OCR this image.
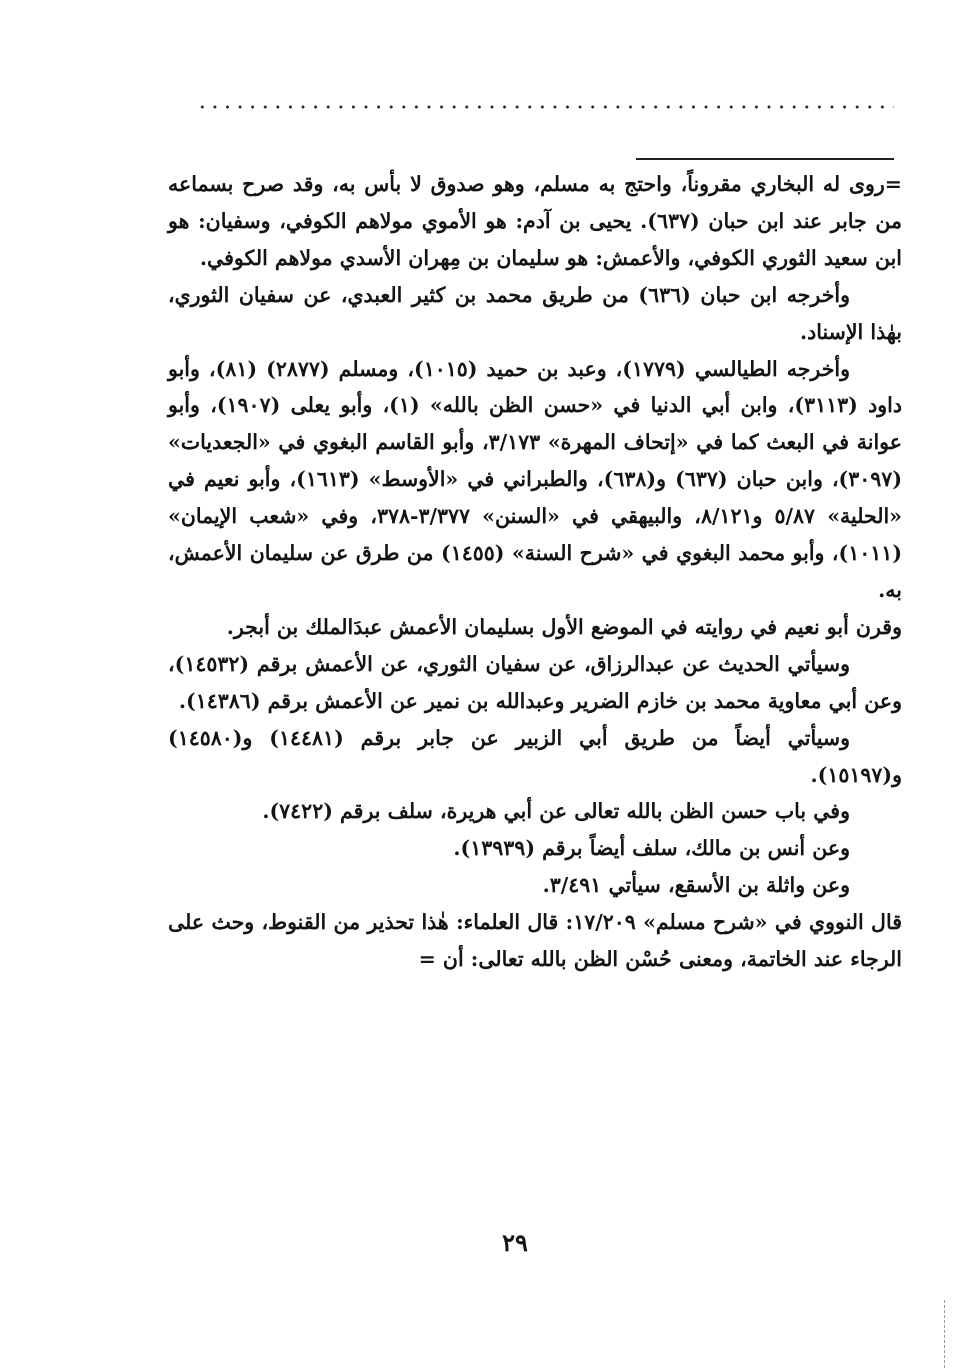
=روى له البخاري مقروناً، واحتج به مسلم، وهو صدوق لا بأس به، وقد صرح بسماعه من جابر عند ابن حبان (٦٣٧). يحيى بن آدم: هو الأموي مولاهم الكوفي، وسفيان: هو ابن سعيد الثوري الكوفي، والأعمش: هو سليمان بن مِهران الأسدي مولاهم الكوفي.

وأخرجه ابن حبان (٦٣٦) من طريق محمد بن كثير العبدي، عن سفيان الثوري، بهٰذا الإسناد.

وأخرجه الطيالسي (١٧٧٩)، وعبد بن حميد (١٠١٥)، ومسلم (٢٨٧٧) (٨١)، وأبو داود (٣١١٣)، وابن أبي الدنيا في «حسن الظن بالله» (١)، وأبو يعلى (١٩٠٧)، وأبو عوانة في البعث كما في «إتحاف المهرة» ٣/١٧٣، وأبو القاسم البغوي في «الجعديات» (٣٠٩٧)، وابن حبان (٦٣٧) و(٦٣٨)، والطبراني في «الأوسط» (١٦١٣)، وأبو نعيم في «الحلية» ٥/٨٧ و٨/١٢١، والبيهقي في «السنن» ٣/٣٧٧-٣٧٨، وفي «شعب الإيمان» (١٠١١)، وأبو محمد البغوي في «شرح السنة» (١٤٥٥) من طرق عن سليمان الأعمش، به.

وقرن أبو نعيم في روايته في الموضع الأول بسليمان الأعمش عبدَالملك بن أبجر.

وسيأتي الحديث عن عبدالرزاق، عن سفيان الثوري، عن الأعمش برقم (١٤٥٣٢)، وعن أبي معاوية محمد بن خازم الضرير وعبدالله بن نمير عن الأعمش برقم (١٤٣٨٦).

وسيأتي أيضاً من طريق أبي الزبير عن جابر برقم (١٤٤٨١) و(١٤٥٨٠) و(١٥١٩٧).

وفي باب حسن الظن بالله تعالى عن أبي هريرة، سلف برقم (٧٤٢٢).

وعن أنس بن مالك، سلف أيضاً برقم (١٣٩٣٩).

وعن واثلة بن الأسقع، سيأتي ٣/٤٩١.

قال النووي في «شرح مسلم» ١٧/٢٠٩: قال العلماء: هٰذا تحذير من القنوط، وحث على الرجاء عند الخاتمة، ومعنى حُسْن الظن بالله تعالى: أن =

٢٩
